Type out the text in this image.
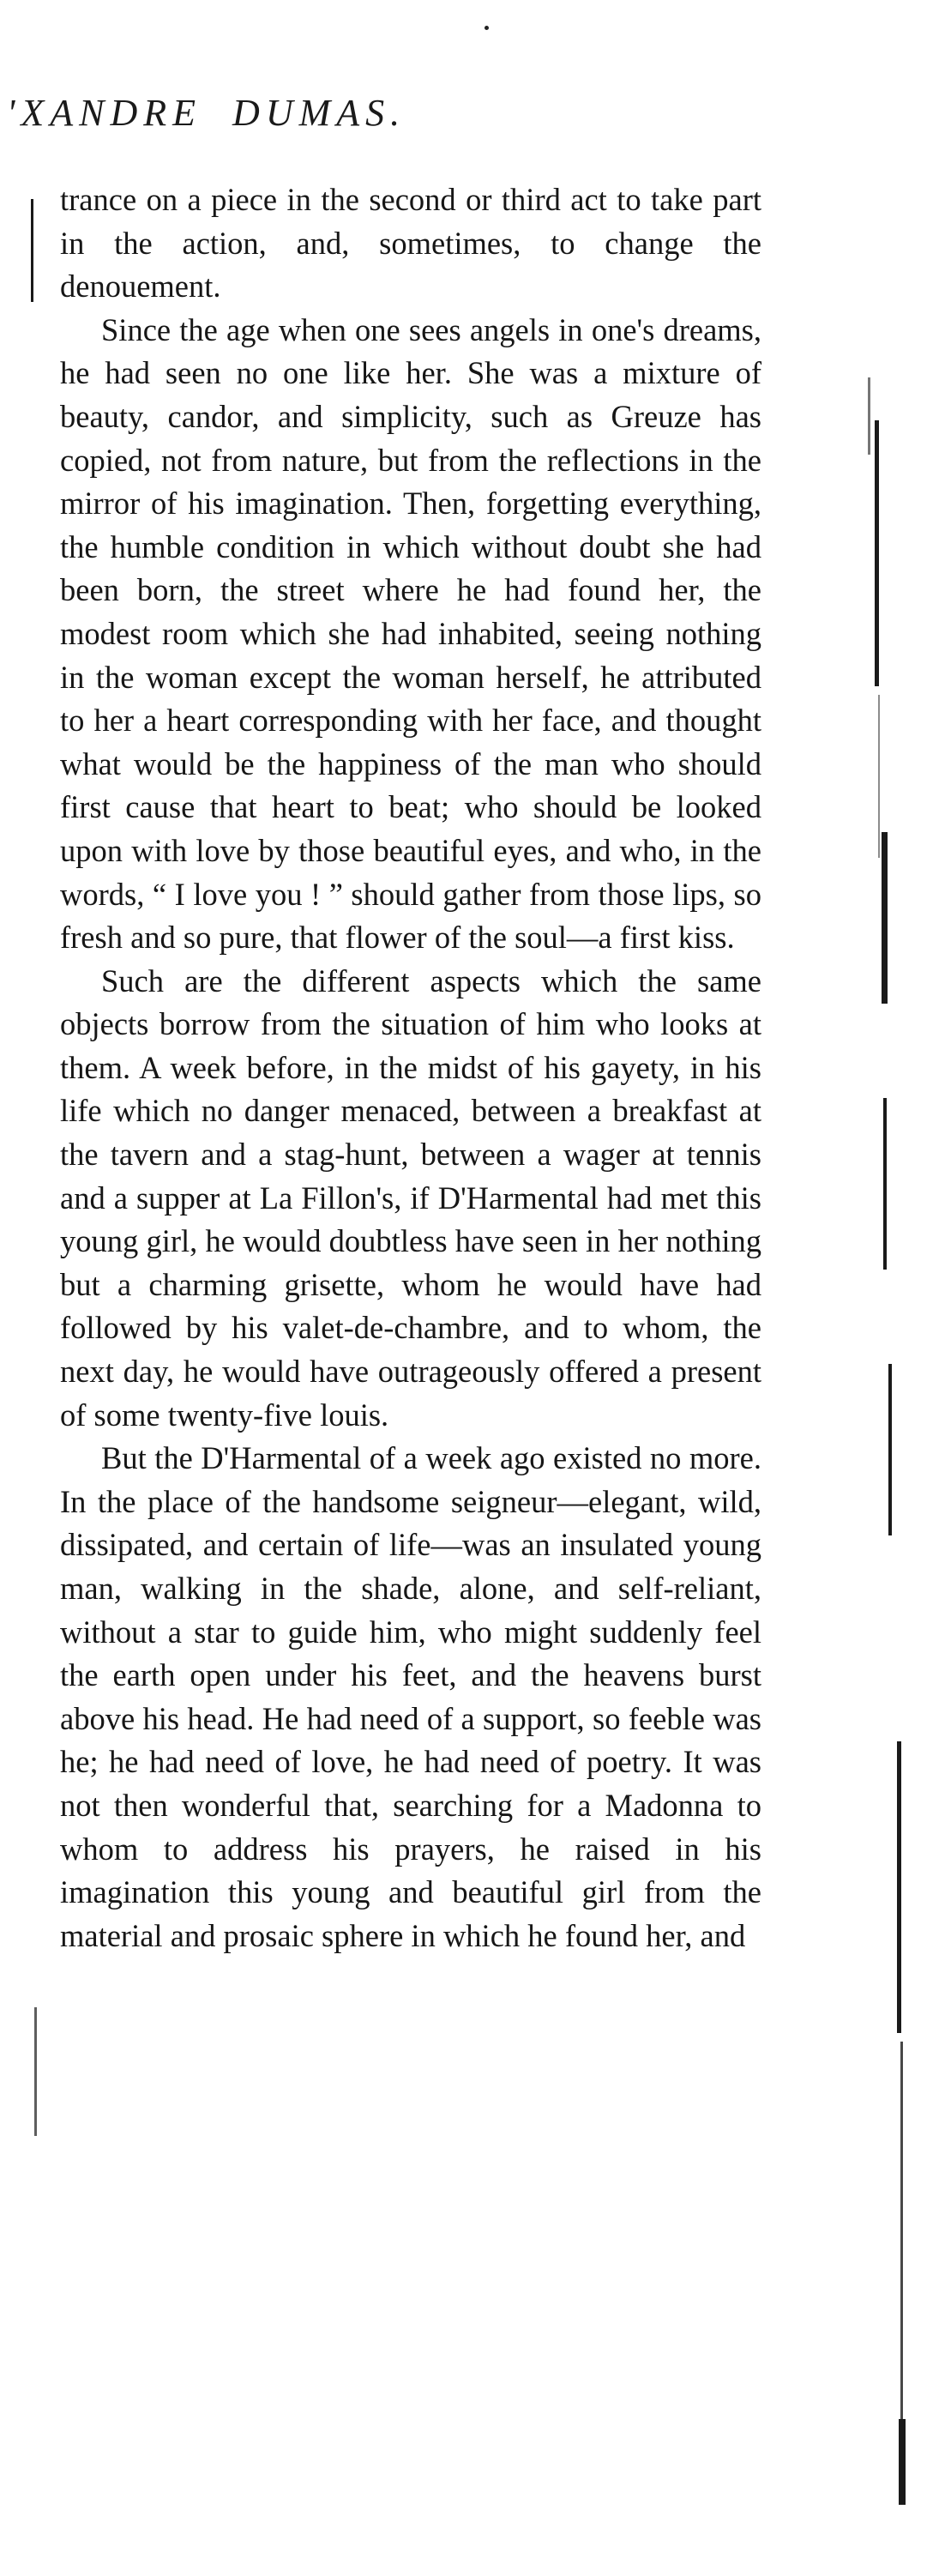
'XANDRE DUMAS.

trance on a piece in the second or third act to take part in the action, and, sometimes, to change the denouement.

Since the age when one sees angels in one's dreams, he had seen no one like her. She was a mixture of beauty, candor, and simplicity, such as Greuze has copied, not from nature, but from the reflections in the mirror of his imagination. Then, forgetting everything, the humble condition in which without doubt she had been born, the street where he had found her, the modest room which she had inhabited, seeing nothing in the woman except the woman herself, he attributed to her a heart corresponding with her face, and thought what would be the happiness of the man who should first cause that heart to beat; who should be looked upon with love by those beautiful eyes, and who, in the words, “ I love you ! ” should gather from those lips, so fresh and so pure, that flower of the soul—a first kiss.

Such are the different aspects which the same objects borrow from the situation of him who looks at them. A week before, in the midst of his gayety, in his life which no danger menaced, between a breakfast at the tavern and a stag-hunt, between a wager at tennis and a supper at La Fillon's, if D'Harmental had met this young girl, he would doubtless have seen in her nothing but a charming grisette, whom he would have had followed by his valet-de-chambre, and to whom, the next day, he would have outrageously offered a present of some twenty-five louis.

But the D'Harmental of a week ago existed no more. In the place of the handsome seigneur—elegant, wild, dissipated, and certain of life—was an insulated young man, walking in the shade, alone, and self-reliant, without a star to guide him, who might suddenly feel the earth open under his feet, and the heavens burst above his head. He had need of a support, so feeble was he; he had need of love, he had need of poetry. It was not then wonderful that, searching for a Madonna to whom to address his prayers, he raised in his imagination this young and beautiful girl from the material and prosaic sphere in which he found her, and
